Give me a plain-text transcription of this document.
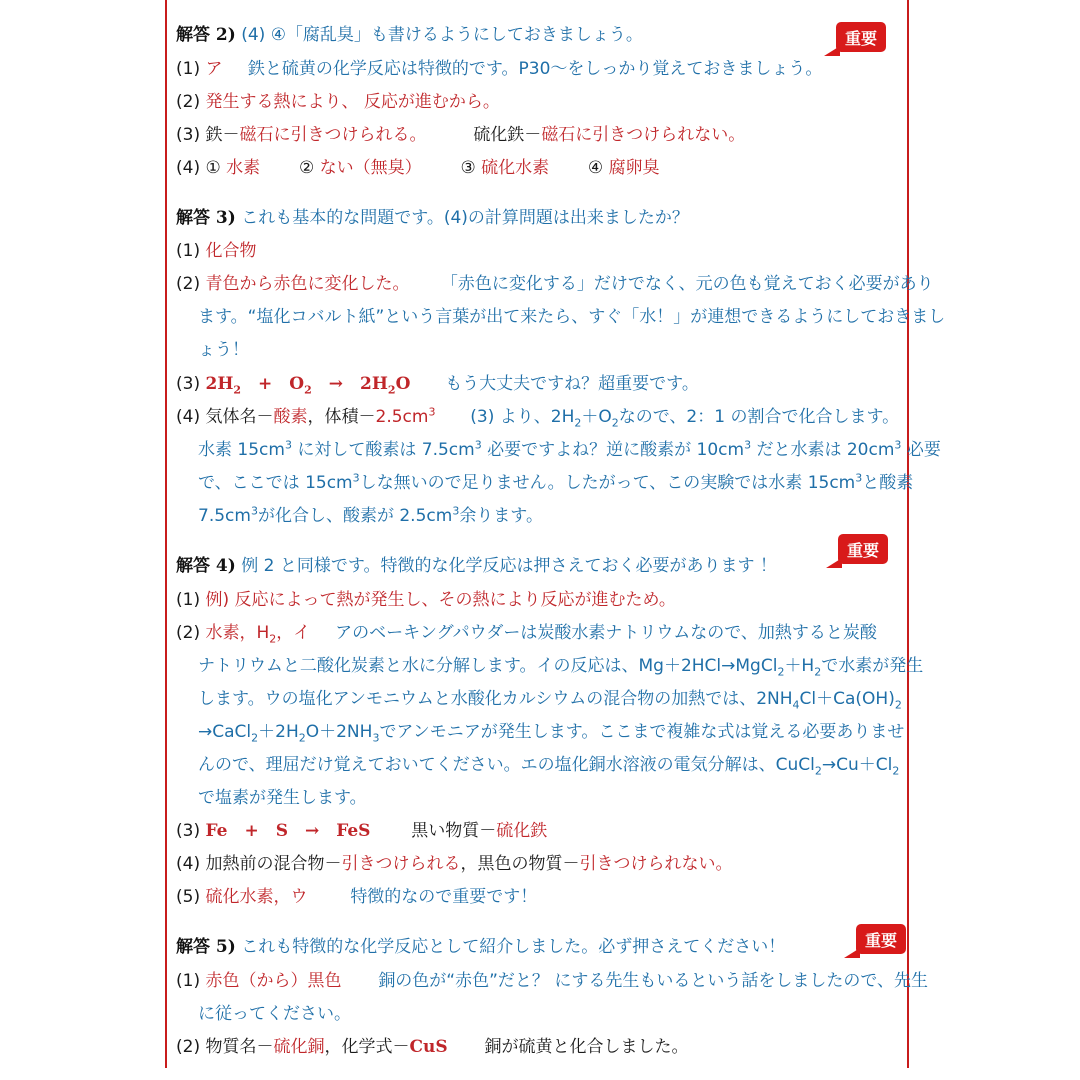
重要
重要
重要
解答 2) (4) ④「腐乱臭」も書けるようにしておきましょう。
(1) ア 鉄と硫黄の化学反応は特徴的です。P30～をしっかり覚えておきましょう。
(2) 発生する熱により、 反応が進むから。
(3) 鉄－磁石に引きつけられる。	硫化鉄－磁石に引きつけられない。
(4) ① 水素 ② ない（無臭） ③ 硫化水素 ④ 腐卵臭
解答 3) これも基本的な問題です。(4)の計算問題は出来ましたか？
(1) 化合物
(2) 青色から赤色に変化した。 「赤色に変化する」だけでなく、元の色も覚えておく必要があり
ます。“塩化コバルト紙”という言葉が出て来たら、すぐ「水！」が連想できるようにしておきまし
ょう！
(3) $2H_2$　+　$O_2$　→　$2H_2O$ もう大丈夫ですね？超重要です。
(4) 気体名－酸素，体積$-2.5cm^3$ (3) より、$2H_2+O_2$なので、2：1 の割合で化合します。
水素 $15cm^3$ に対して酸素は $7.5cm^3$ 必要ですよね？逆に酸素が $10cm^3$ だと水素は $20cm^3$ 必要
で、ここでは $15cm^3$しな無いので足りません。したがって、この実験では水素 $15cm^3$と酸素
$7.5cm^3$が化合し、酸素が $2.5cm^3$余ります。
解答 4) 例 2 と同様です。特徴的な化学反応は押さえておく必要があります ！
(1) 例) 反応によって熱が発生し、その熱により反応が進むため。
(2) 水素，$H_2$，イ アのベーキングパウダーは炭酸水素ナトリウムなので、加熱すると炭酸
ナトリウムと二酸化炭素と水に分解します。イの反応は、$Mg+2HCl\to MgCl_2+H_2$で水素が発生
します。ウの塩化アンモニウムと水酸化カルシウムの混合物の加熱では、$2NH_4Cl+Ca(OH)_2$
$\to CaCl_2+2H_2O+2NH_3$でアンモニアが発生します。ここまで複雑な式は覚える必要ありませ
んので、理屈だけ覚えておいてください。エの塩化銅水溶液の電気分解は、$CuCl_2\to Cu+Cl_2$
で塩素が発生します。
(3) Fe　+　S　→　FeS 黒い物質－硫化鉄
(4) 加熱前の混合物－引きつけられる，黒色の物質－引きつけられない。
(5) 硫化水素，ウ	特徴的なので重要です！
解答 5) これも特徴的な化学反応として紹介しました。必ず押さえてください！
(1) 赤色（から）黒色 銅の色が“赤色”だと？ にする先生もいるという話をしましたので、先生
に従ってください。
(2) 物質名－硫化銅，化学式－CuS 銅が硫黄と化合しました。
